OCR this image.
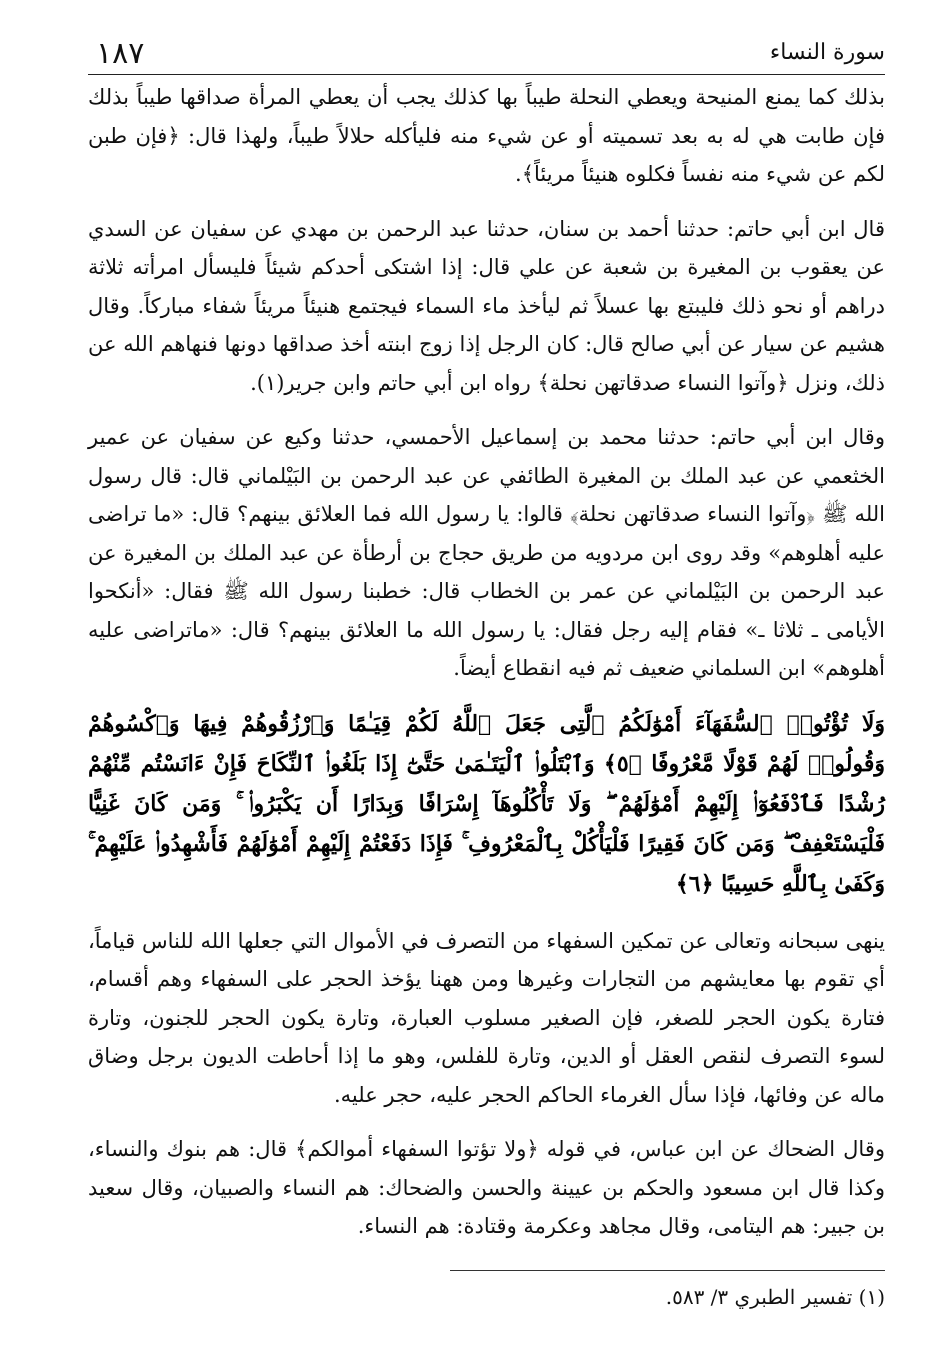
١٨٧	سورة النساء

بذلك كما يمنع المنيحة ويعطي النحلة طيباً بها كذلك يجب أن يعطي المرأة صداقها طيباً بذلك فإن طابت هي له به بعد تسميته أو عن شيء منه فليأكله حلالاً طيباً، ولهذا قال: ﴿فإن طبن لكم عن شيء منه نفساً فكلوه هنيئاً مريئاً﴾.

قال ابن أبي حاتم: حدثنا أحمد بن سنان، حدثنا عبد الرحمن بن مهدي عن سفيان عن السدي عن يعقوب بن المغيرة بن شعبة عن علي قال: إذا اشتكى أحدكم شيئاً فليسأل امرأته ثلاثة دراهم أو نحو ذلك فليبتع بها عسلاً ثم ليأخذ ماء السماء فيجتمع هنيئاً مريئاً شفاء مباركاً. وقال هشيم عن سيار عن أبي صالح قال: كان الرجل إذا زوج ابنته أخذ صداقها دونها فنهاهم الله عن ذلك، ونزل ﴿وآتوا النساء صدقاتهن نحلة﴾ رواه ابن أبي حاتم وابن جرير(١).

وقال ابن أبي حاتم: حدثنا محمد بن إسماعيل الأحمسي، حدثنا وكيع عن سفيان عن عمير الخثعمي عن عبد الملك بن المغيرة الطائفي عن عبد الرحمن بن البَيْلماني قال: قال رسول الله ﷺ ﴿وآتوا النساء صدقاتهن نحلة﴾ قالوا: يا رسول الله فما العلائق بينهم؟ قال: «ما تراضى عليه أهلوهم» وقد روى ابن مردويه من طريق حجاج بن أرطأة عن عبد الملك بن المغيرة عن عبد الرحمن بن البَيْلماني عن عمر بن الخطاب قال: خطبنا رسول الله ﷺ فقال: «أنكحوا الأيامى ـ ثلاثا ـ» فقام إليه رجل فقال: يا رسول الله ما العلائق بينهم؟ قال: «ماتراضى عليه أهلوهم» ابن السلماني ضعيف ثم فيه انقطاع أيضاً.

وَلَا تُؤْتُوا۟ ٱلسُّفَهَآءَ أَمْوَٰلَكُمُ ٱلَّتِى جَعَلَ ٱللَّهُ لَكُمْ قِيَـٰمًا وَٱرْزُقُوهُمْ فِيهَا وَٱكْسُوهُمْ وَقُولُوا۟ لَهُمْ قَوْلًا مَّعْرُوفًا ﴿٥﴾ وَٱبْتَلُوا۟ ٱلْيَتَـٰمَىٰ حَتَّىٰٓ إِذَا بَلَغُوا۟ ٱلنِّكَاحَ فَإِنْ ءَانَسْتُم مِّنْهُمْ رُشْدًا فَٱدْفَعُوٓا۟ إِلَيْهِمْ أَمْوَٰلَهُمْ ۖ وَلَا تَأْكُلُوهَآ إِسْرَافًا وَبِدَارًا أَن يَكْبَرُوا۟ ۚ وَمَن كَانَ غَنِيًّا فَلْيَسْتَعْفِفْ ۖ وَمَن كَانَ فَقِيرًا فَلْيَأْكُلْ بِٱلْمَعْرُوفِ ۚ فَإِذَا دَفَعْتُمْ إِلَيْهِمْ أَمْوَٰلَهُمْ فَأَشْهِدُوا۟ عَلَيْهِمْ ۚ وَكَفَىٰ بِٱللَّهِ حَسِيبًا ﴿٦﴾

ينهى سبحانه وتعالى عن تمكين السفهاء من التصرف في الأموال التي جعلها الله للناس قياماً، أي تقوم بها معايشهم من التجارات وغيرها ومن ههنا يؤخذ الحجر على السفهاء وهم أقسام، فتارة يكون الحجر للصغر، فإن الصغير مسلوب العبارة، وتارة يكون الحجر للجنون، وتارة لسوء التصرف لنقص العقل أو الدين، وتارة للفلس، وهو ما إذا أحاطت الديون برجل وضاق ماله عن وفائها، فإذا سأل الغرماء الحاكم الحجر عليه، حجر عليه.

وقال الضحاك عن ابن عباس، في قوله ﴿ولا تؤتوا السفهاء أموالكم﴾ قال: هم بنوك والنساء، وكذا قال ابن مسعود والحكم بن عيينة والحسن والضحاك: هم النساء والصبيان، وقال سعيد بن جبير: هم اليتامى، وقال مجاهد وعكرمة وقتادة: هم النساء.

(١) تفسير الطبري ٣/ ٥٨٣.
